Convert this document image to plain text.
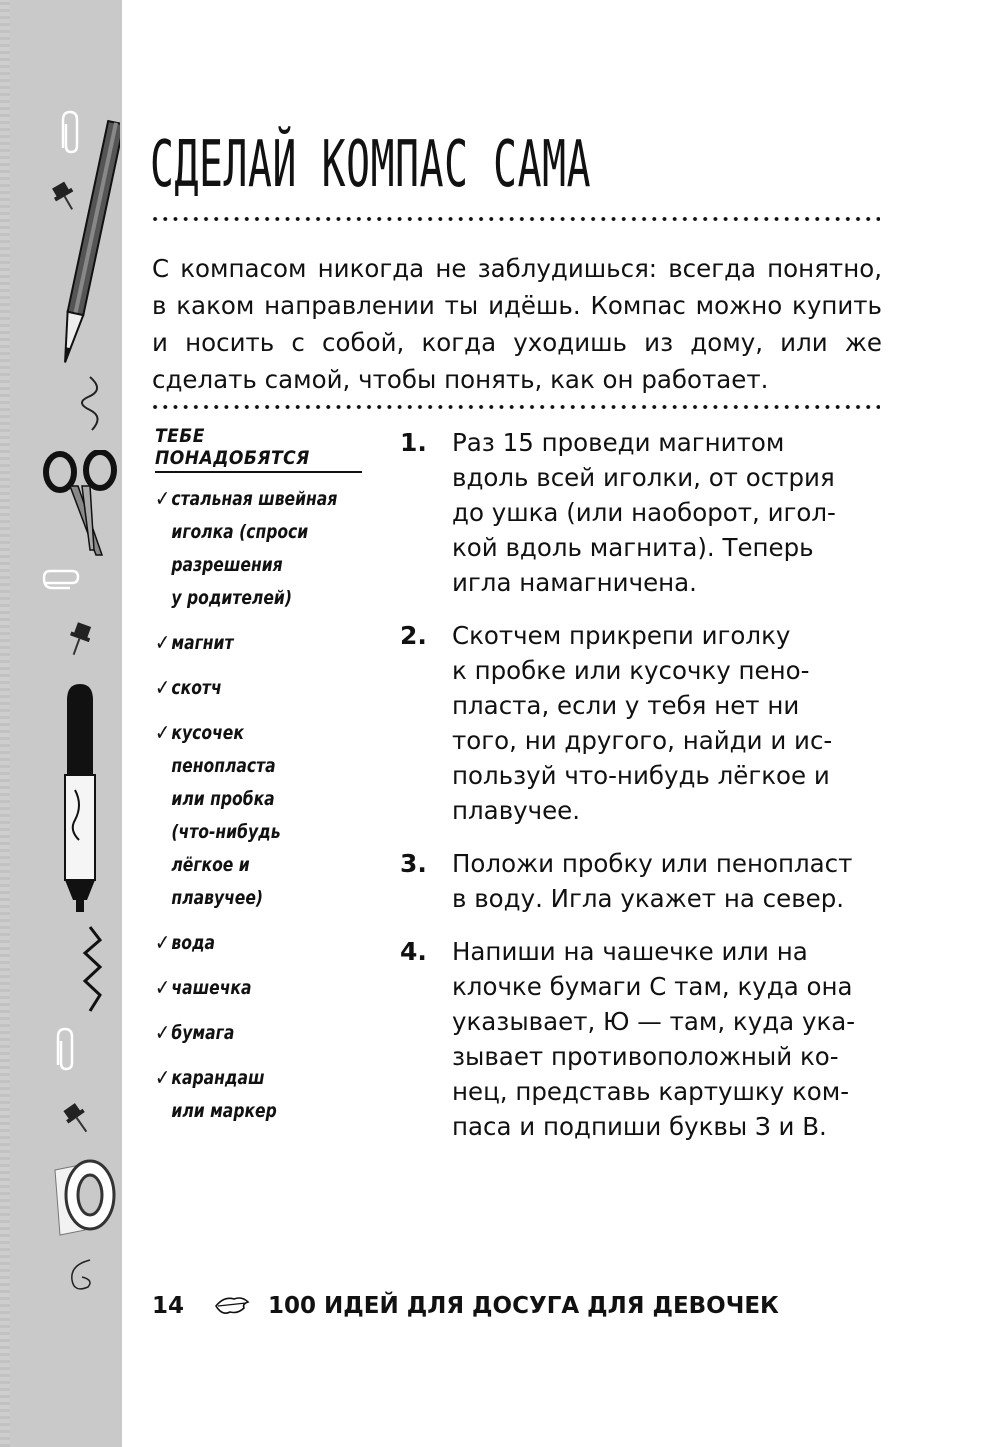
СДЕЛАЙ КОМПАС САМА
С компасом никогда не заблудишься: всегда понятно, в каком направлении ты идёшь. Компас можно купить и носить с собой, когда уходишь из дому, или же сделать самой, чтобы понять, как он работает.
ТЕБЕ ПОНАДОБЯТСЯ
✓ стальная швейная
иголка (спроси
разрешения
у родителей)
✓ магнит
✓ скотч
✓ кусочек
пенопласта
или пробка
(что-нибудь
лёгкое и
плавучее)
✓ вода
✓ чашечка
✓ бумага
✓ карандаш
или маркер
1. Раз 15 проведи магнитом
вдоль всей иголки, от острия
до ушка (или наоборот, игол-
кой вдоль магнита). Теперь
игла намагничена.
2. Скотчем прикрепи иголку
к пробке или кусочку пено-
пласта, если у тебя нет ни
того, ни другого, найди и ис-
пользуй что-нибудь лёгкое и
плавучее.
3. Положи пробку или пенопласт
в воду. Игла укажет на север.
4. Напиши на чашечке или на
клочке бумаги С там, куда она
указывает, Ю — там, куда ука-
зывает противоположный ко-
нец, представь картушку ком-
паса и подпиши буквы З и В.
14	100 ИДЕЙ ДЛЯ ДОСУГА ДЛЯ ДЕВОЧЕК
